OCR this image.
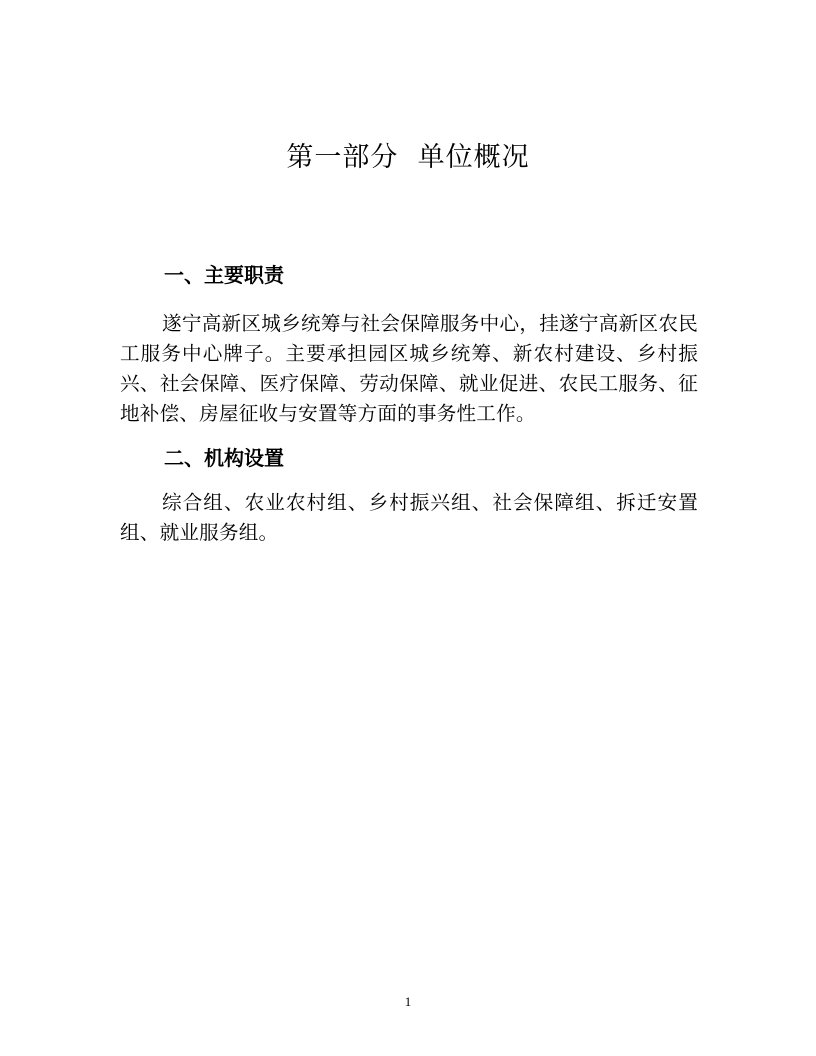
第一部分  单位概况
一、主要职责

遂宁高新区城乡统筹与社会保障服务中心，挂遂宁高新区农民工服务中心牌子。主要承担园区城乡统筹、新农村建设、乡村振兴、社会保障、医疗保障、劳动保障、就业促进、农民工服务、征地补偿、房屋征收与安置等方面的事务性工作。

二、机构设置

综合组、农业农村组、乡村振兴组、社会保障组、拆迁安置组、就业服务组。

1
